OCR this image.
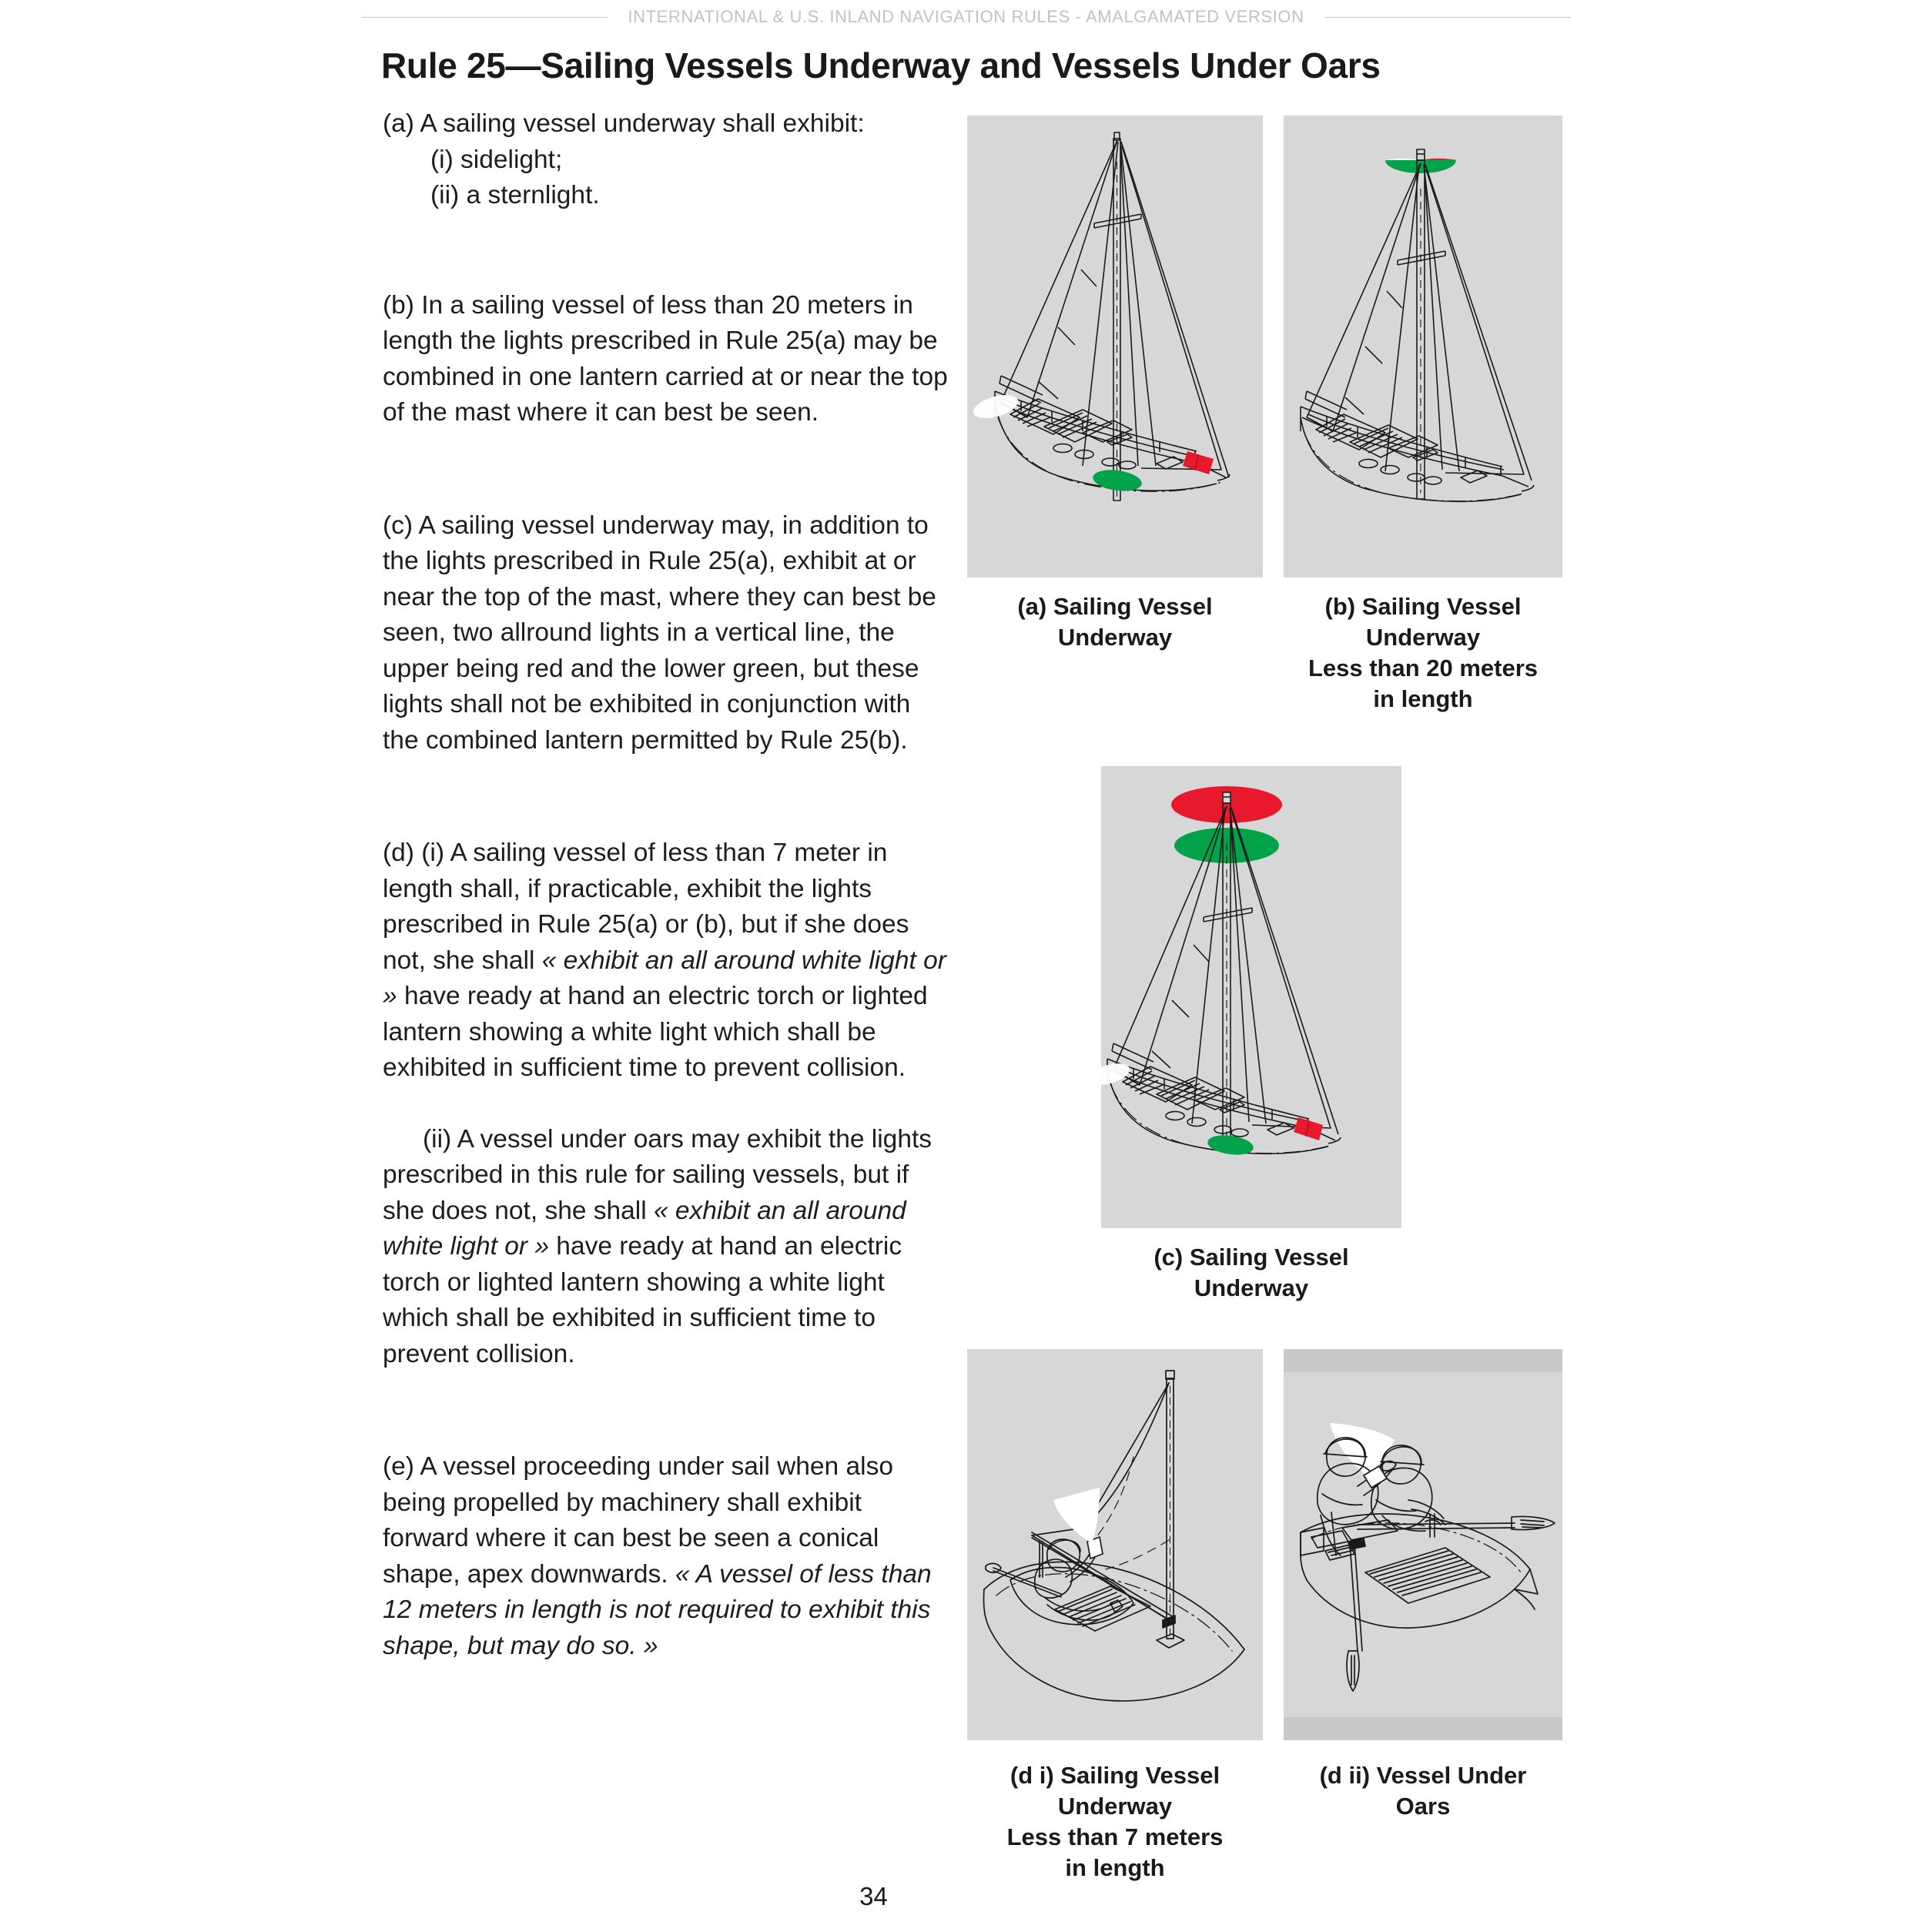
INTERNATIONAL & U.S. INLAND NAVIGATION RULES - AMALGAMATED VERSION
Rule 25—Sailing Vessels Underway and Vessels Under Oars
(a) A sailing vessel underway shall exhibit:
(i) sidelight;
(ii) a sternlight.
(b) In a sailing vessel of less than 20 meters in length the lights prescribed in Rule 25(a) may be combined in one lantern carried at or near the top of the mast where it can best be seen.
(c) A sailing vessel underway may, in addition to the lights prescribed in Rule 25(a), exhibit at or near the top of the mast, where they can best be seen, two allround lights in a vertical line, the upper being red and the lower green, but these lights shall not be exhibited in conjunction with the combined lantern permitted by Rule 25(b).
(d) (i) A sailing vessel of less than 7 meter in length shall, if practicable, exhibit the lights prescribed in Rule 25(a) or (b), but if she does not, she shall « exhibit an all around white light or » have ready at hand an electric torch or lighted lantern showing a white light which shall be exhibited in sufficient time to prevent collision.
(ii) A vessel under oars may exhibit the lights prescribed in this rule for sailing vessels, but if she does not, she shall « exhibit an all around white light or » have ready at hand an electric torch or lighted lantern showing a white light which shall be exhibited in sufficient time to prevent collision.
(e) A vessel proceeding under sail when also being propelled by machinery shall exhibit forward where it can best be seen a conical shape, apex downwards. « A vessel of less than 12 meters in length is not required to exhibit this shape, but may do so. »
(a) Sailing Vessel
Underway
(b) Sailing Vessel
Underway
Less than 20 meters
in length
(c) Sailing Vessel
Underway
(d i) Sailing Vessel
Underway
Less than 7 meters
in length
(d ii) Vessel Under
Oars
34
